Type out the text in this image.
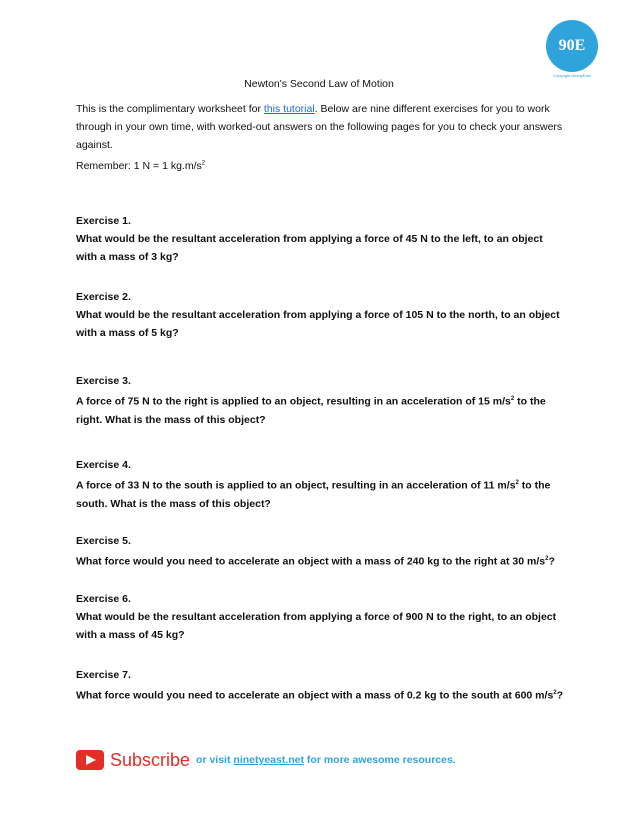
90E
Copyright NinetyEast
Newton's Second Law of Motion
This is the complimentary worksheet for this tutorial. Below are nine different exercises for you to work through in your own time, with worked-out answers on the following pages for you to check your answers against.
Remember: 1 N = 1 $kg.m/s^2$
Exercise 1.
What would be the resultant acceleration from applying a force of 45 N to the left, to an object with a mass of 3 kg?
Exercise 2.
What would be the resultant acceleration from applying a force of 105 N to the north, to an object with a mass of 5 kg?
Exercise 3.
A force of 75 N to the right is applied to an object, resulting in an acceleration of 15 $m/s^2$ to the right. What is the mass of this object?
Exercise 4.
A force of 33 N to the south is applied to an object, resulting in an acceleration of 11 $m/s^2$ to the south. What is the mass of this object?
Exercise 5.
What force would you need to accelerate an object with a mass of 240 kg to the right at 30 $m/s^2$?
Exercise 6.
What would be the resultant acceleration from applying a force of 900 N to the right, to an object with a mass of 45 kg?
Exercise 7.
What force would you need to accelerate an object with a mass of 0.2 kg to the south at 600 $m/s^2$?
Subscribe or visit ninetyeast.net for more awesome resources.
